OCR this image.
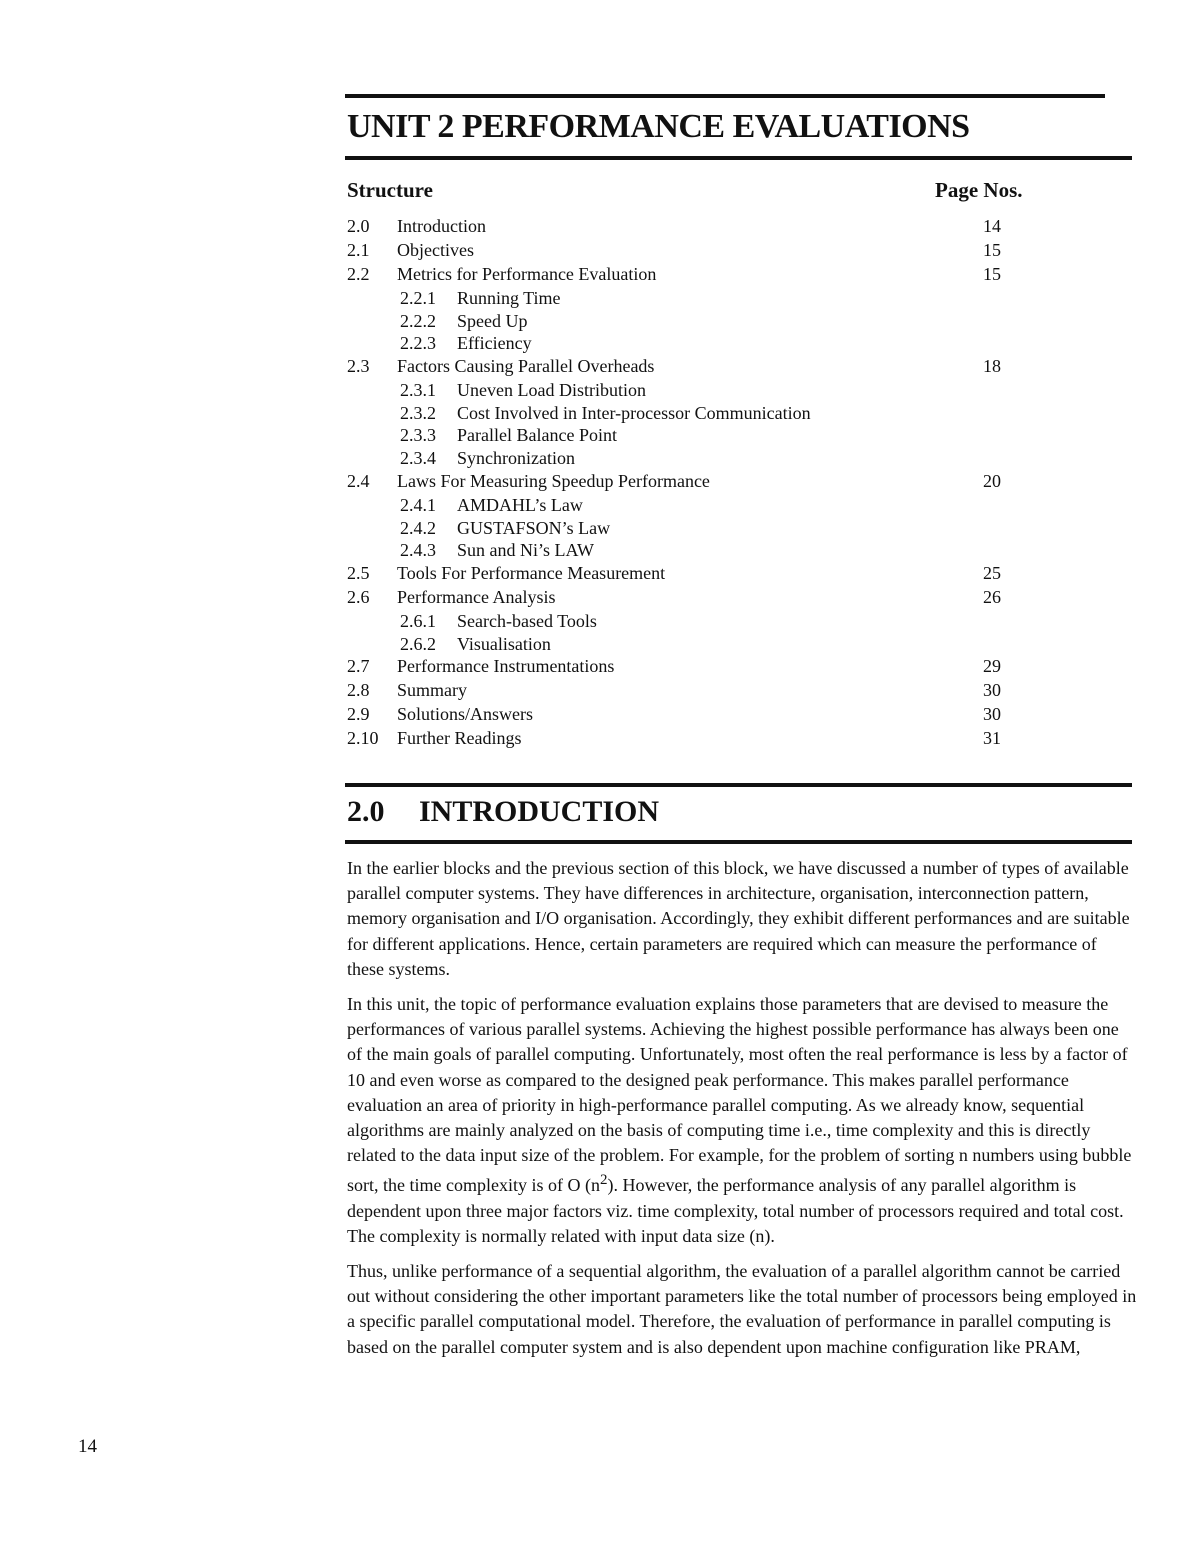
UNIT 2 PERFORMANCE EVALUATIONS
Structure	Page Nos.
2.0 Introduction	14
2.1 Objectives	15
2.2 Metrics for Performance Evaluation	15
2.2.1 Running Time
2.2.2 Speed Up
2.2.3 Efficiency
2.3 Factors Causing Parallel Overheads	18
2.3.1 Uneven Load Distribution
2.3.2 Cost Involved in Inter-processor Communication
2.3.3 Parallel Balance Point
2.3.4 Synchronization
2.4 Laws For Measuring Speedup Performance	20
2.4.1 AMDAHL’s Law
2.4.2 GUSTAFSON’s Law
2.4.3 Sun and Ni’s LAW
2.5 Tools For Performance Measurement	25
2.6 Performance Analysis	26
2.6.1 Search-based Tools
2.6.2 Visualisation
2.7 Performance Instrumentations	29
2.8 Summary	30
2.9 Solutions/Answers	30
2.10 Further Readings	31
2.0 INTRODUCTION

In the earlier blocks and the previous section of this block, we have discussed a number of types of available parallel computer systems. They have differences in architecture, organisation, interconnection pattern, memory organisation and I/O organisation. Accordingly, they exhibit different performances and are suitable for different applications. Hence, certain parameters are required which can measure the performance of these systems.

In this unit, the topic of performance evaluation explains those parameters that are devised to measure the performances of various parallel systems. Achieving the highest possible performance has always been one of the main goals of parallel computing. Unfortunately, most often the real performance is less by a factor of 10 and even worse as compared to the designed peak performance. This makes parallel performance evaluation an area of priority in high-performance parallel computing. As we already know, sequential algorithms are mainly analyzed on the basis of computing time i.e., time complexity and this is directly related to the data input size of the problem. For example, for the problem of sorting n numbers using bubble sort, the time complexity is of O $(n^2)$. However, the performance analysis of any parallel algorithm is dependent upon three major factors viz. time complexity, total number of processors required and total cost. The complexity is normally related with input data size (n).

Thus, unlike performance of a sequential algorithm, the evaluation of a parallel algorithm cannot be carried out without considering the other important parameters like the total number of processors being employed in a specific parallel computational model. Therefore, the evaluation of performance in parallel computing is based on the parallel computer system and is also dependent upon machine configuration like PRAM,

14
